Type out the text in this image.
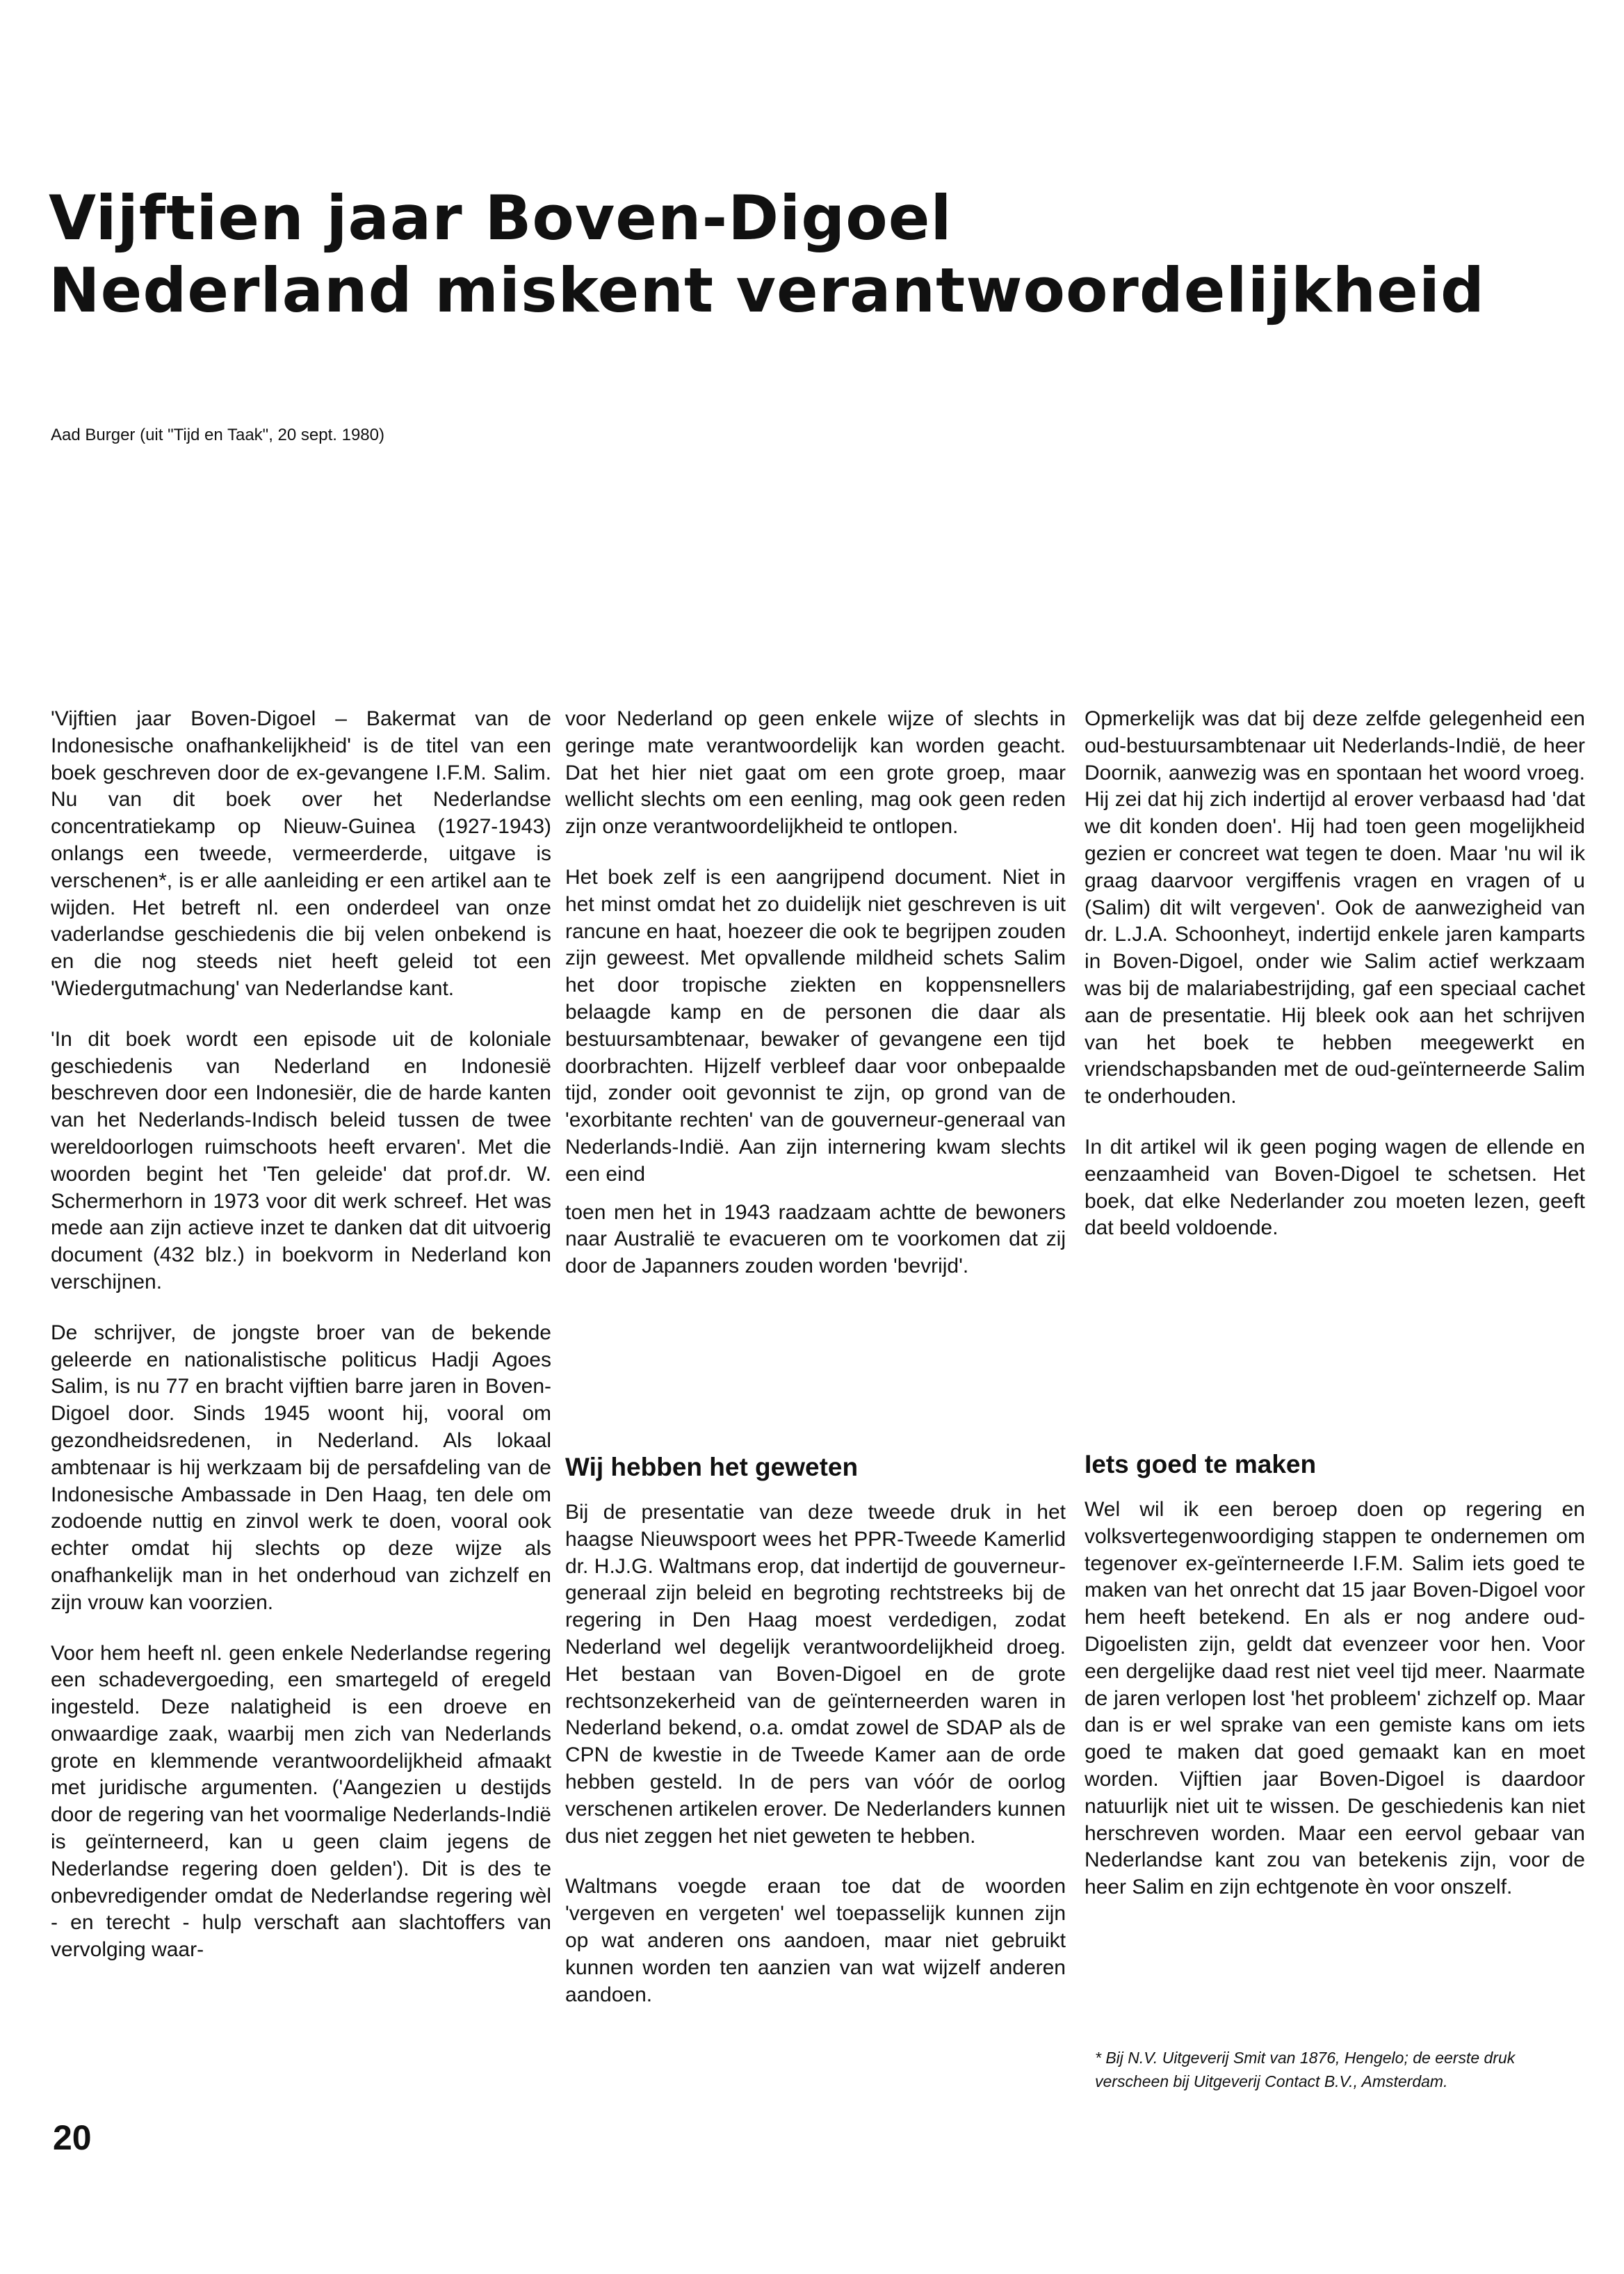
Vijftien jaar Boven-Digoel
Nederland miskent verantwoordelijkheid
Aad Burger (uit "Tijd en Taak", 20 sept. 1980)

'Vijftien jaar Boven-Digoel – Bakermat van de Indonesische onafhankelijkheid' is de titel van een boek geschreven door de ex-gevangene I.F.M. Salim. Nu van dit boek over het Nederlandse concentratiekamp op Nieuw-Guinea (1927-1943) onlangs een tweede, vermeerderde, uitgave is verschenen*, is er alle aanleiding er een artikel aan te wijden. Het betreft nl. een onderdeel van onze vaderlandse geschiedenis die bij velen onbekend is en die nog steeds niet heeft geleid tot een 'Wiedergutmachung' van Nederlandse kant.

'In dit boek wordt een episode uit de koloniale geschiedenis van Nederland en Indonesië beschreven door een Indonesiër, die de harde kanten van het Nederlands-Indisch beleid tussen de twee wereldoorlogen ruimschoots heeft ervaren'. Met die woorden begint het 'Ten geleide' dat prof.dr. W. Schermerhorn in 1973 voor dit werk schreef. Het was mede aan zijn actieve inzet te danken dat dit uitvoerig document (432 blz.) in boekvorm in Nederland kon verschijnen.

De schrijver, de jongste broer van de bekende geleerde en nationalistische politicus Hadji Agoes Salim, is nu 77 en bracht vijftien barre jaren in Boven-Digoel door. Sinds 1945 woont hij, vooral om gezondheidsredenen, in Nederland. Als lokaal ambtenaar is hij werkzaam bij de persafdeling van de Indonesische Ambassade in Den Haag, ten dele om zodoende nuttig en zinvol werk te doen, vooral ook echter omdat hij slechts op deze wijze als onafhankelijk man in het onderhoud van zichzelf en zijn vrouw kan voorzien.

Voor hem heeft nl. geen enkele Nederlandse regering een schadevergoeding, een smartegeld of eregeld ingesteld. Deze nalatigheid is een droeve en onwaardige zaak, waarbij men zich van Nederlands grote en klemmende verantwoordelijkheid afmaakt met juridische argumenten. ('Aangezien u destijds door de regering van het voormalige Nederlands-Indië is geïnterneerd, kan u geen claim jegens de Nederlandse regering doen gelden'). Dit is des te onbevredigender omdat de Nederlandse regering wèl - en terecht - hulp verschaft aan slachtoffers van vervolging waar-

voor Nederland op geen enkele wijze of slechts in geringe mate verantwoordelijk kan worden geacht. Dat het hier niet gaat om een grote groep, maar wellicht slechts om een eenling, mag ook geen reden zijn onze verantwoordelijkheid te ontlopen.

Het boek zelf is een aangrijpend document. Niet in het minst omdat het zo duidelijk niet geschreven is uit rancune en haat, hoezeer die ook te begrijpen zouden zijn geweest. Met opvallende mildheid schets Salim het door tropische ziekten en koppensnellers belaagde kamp en de personen die daar als bestuursambtenaar, bewaker of gevangene een tijd doorbrachten. Hijzelf verbleef daar voor onbepaalde tijd, zonder ooit gevonnist te zijn, op grond van de 'exorbitante rechten' van de gouverneur-generaal van Nederlands-Indië. Aan zijn internering kwam slechts een eind

toen men het in 1943 raadzaam achtte de bewoners naar Australië te evacueren om te voorkomen dat zij door de Japanners zouden worden 'bevrijd'.

Wij hebben het geweten

Bij de presentatie van deze tweede druk in het haagse Nieuwspoort wees het PPR-Tweede Kamerlid dr. H.J.G. Waltmans erop, dat indertijd de gouverneur-generaal zijn beleid en begroting rechtstreeks bij de regering in Den Haag moest verdedigen, zodat Nederland wel degelijk verantwoordelijkheid droeg. Het bestaan van Boven-Digoel en de grote rechtsonzekerheid van de geïnterneerden waren in Nederland bekend, o.a. omdat zowel de SDAP als de CPN de kwestie in de Tweede Kamer aan de orde hebben gesteld. In de pers van vóór de oorlog verschenen artikelen erover. De Nederlanders kunnen dus niet zeggen het niet geweten te hebben.

Waltmans voegde eraan toe dat de woorden 'vergeven en vergeten' wel toepasselijk kunnen zijn op wat anderen ons aandoen, maar niet gebruikt kunnen worden ten aanzien van wat wijzelf anderen aandoen.

Opmerkelijk was dat bij deze zelfde gelegenheid een oud-bestuursambtenaar uit Nederlands-Indië, de heer Doornik, aanwezig was en spontaan het woord vroeg. Hij zei dat hij zich indertijd al erover verbaasd had 'dat we dit konden doen'. Hij had toen geen mogelijkheid gezien er concreet wat tegen te doen. Maar 'nu wil ik graag daarvoor vergiffenis vragen en vragen of u (Salim) dit wilt vergeven'. Ook de aanwezigheid van dr. L.J.A. Schoonheyt, indertijd enkele jaren kamparts in Boven-Digoel, onder wie Salim actief werkzaam was bij de malariabestrijding, gaf een speciaal cachet aan de presentatie. Hij bleek ook aan het schrijven van het boek te hebben meegewerkt en vriendschapsbanden met de oud-geïnterneerde Salim te onderhouden.

In dit artikel wil ik geen poging wagen de ellende en eenzaamheid van Boven-Digoel te schetsen. Het boek, dat elke Nederlander zou moeten lezen, geeft dat beeld voldoende.

Iets goed te maken

Wel wil ik een beroep doen op regering en volksvertegenwoordiging stappen te ondernemen om tegenover ex-geïnterneerde I.F.M. Salim iets goed te maken van het onrecht dat 15 jaar Boven-Digoel voor hem heeft betekend. En als er nog andere oud-Digoelisten zijn, geldt dat evenzeer voor hen. Voor een dergelijke daad rest niet veel tijd meer. Naarmate de jaren verlopen lost 'het probleem' zichzelf op. Maar dan is er wel sprake van een gemiste kans om iets goed te maken dat goed gemaakt kan en moet worden. Vijftien jaar Boven-Digoel is daardoor natuurlijk niet uit te wissen. De geschiedenis kan niet herschreven worden. Maar een eervol gebaar van Nederlandse kant zou van betekenis zijn, voor de heer Salim en zijn echtgenote èn voor onszelf.

* Bij N.V. Uitgeverij Smit van 1876, Hengelo; de eerste druk verscheen bij Uitgeverij Contact B.V., Amsterdam.
20
